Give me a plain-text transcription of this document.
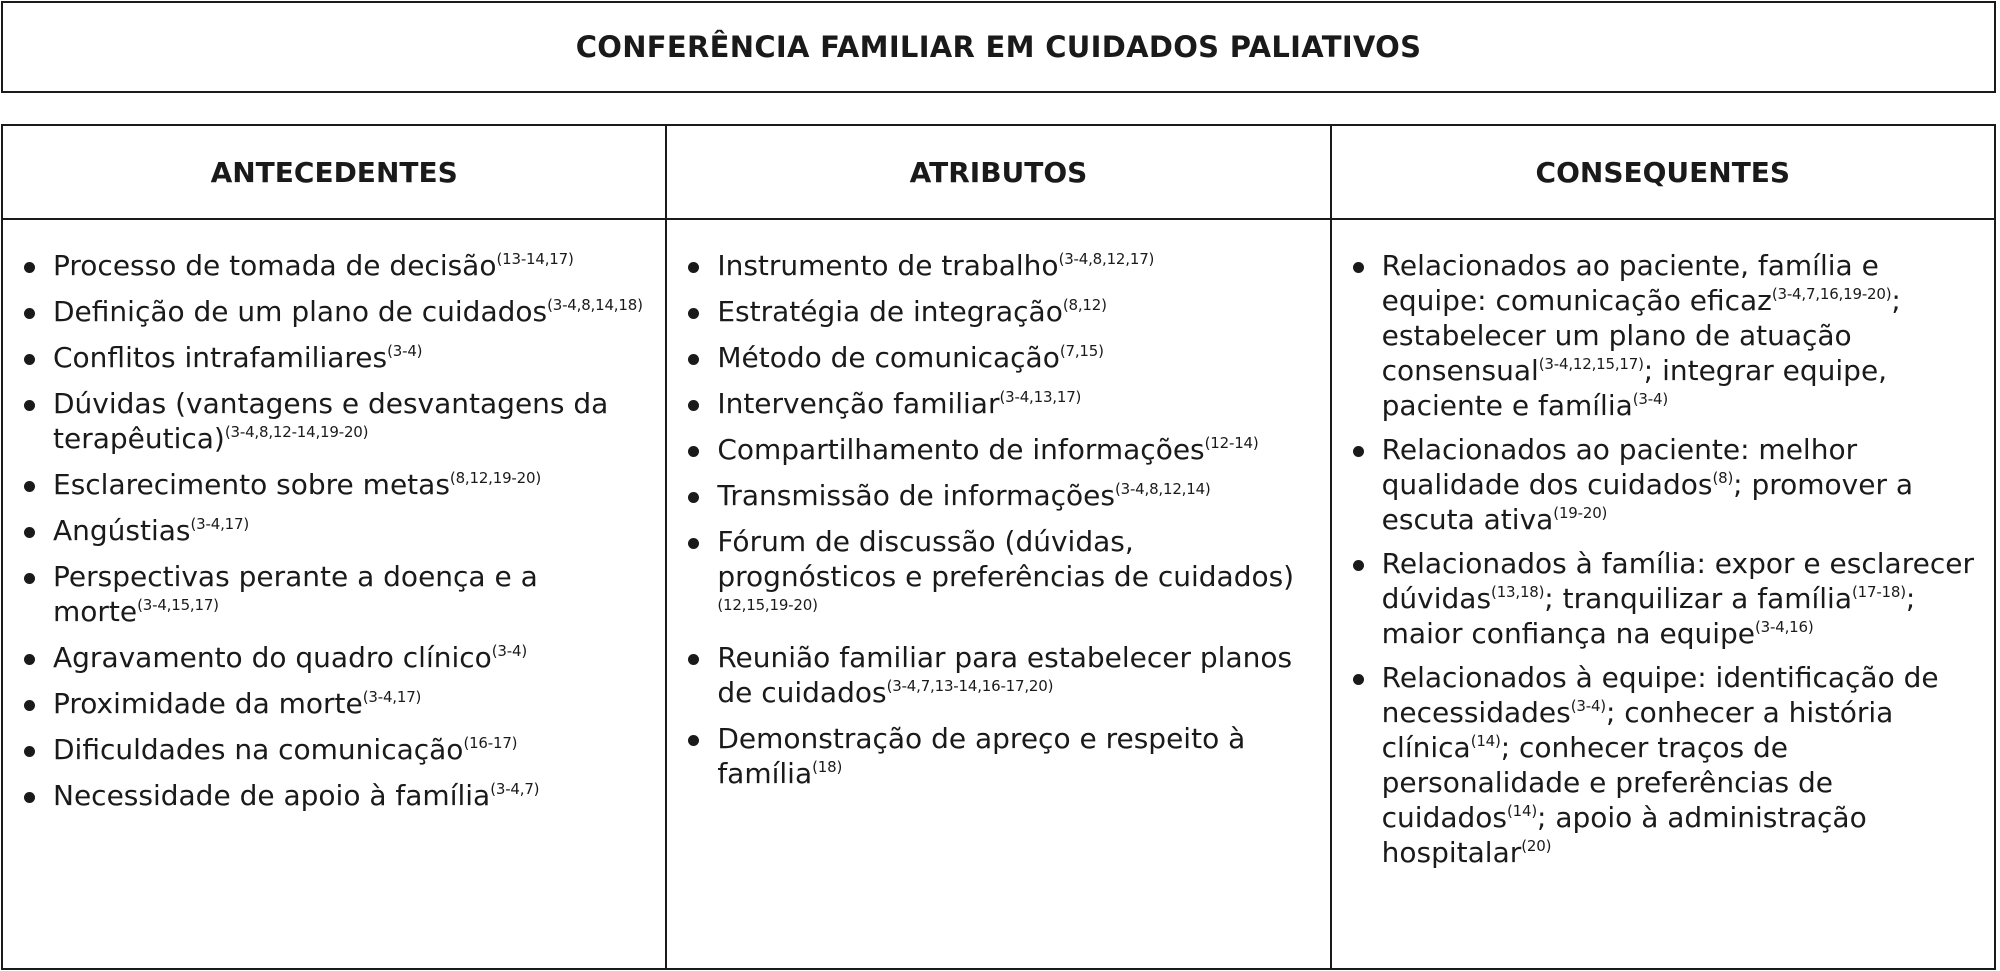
CONFERÊNCIA FAMILIAR EM CUIDADOS PALIATIVOS
ANTECEDENTES
Processo de tomada de decisão$^{(13-14,17)}$
Definição de um plano de cuidados$^{(3-4,8,14,18)}$
Conflitos intrafamiliares$^{(3-4)}$
Dúvidas (vantagens e desvantagens da terapêutica)$^{(3-4,8,12-14,19-20)}$
Esclarecimento sobre metas$^{(8,12,19-20)}$
Angústias$^{(3-4,17)}$
Perspectivas perante a doença e a morte$^{(3-4,15,17)}$
Agravamento do quadro clínico$^{(3-4)}$
Proximidade da morte$^{(3-4,17)}$
Dificuldades na comunicação$^{(16-17)}$
Necessidade de apoio à família$^{(3-4,7)}$
ATRIBUTOS
Instrumento de trabalho$^{(3-4,8,12,17)}$
Estratégia de integração$^{(8,12)}$
Método de comunicação$^{(7,15)}$
Intervenção familiar$^{(3-4,13,17)}$
Compartilhamento de informações$^{(12-14)}$
Transmissão de informações$^{(3-4,8,12,14)}$
Fórum de discussão (dúvidas, prognósticos e preferências de cuidados)$^{(12,15,19-20)}$
Reunião familiar para estabelecer planos de cuidados$^{(3-4,7,13-14,16-17,20)}$
Demonstração de apreço e respeito à família$^{(18)}$
CONSEQUENTES
Relacionados ao paciente, família e equipe: comunicação eficaz$^{(3-4,7,16,19-20)}$; estabelecer um plano de atuação consensual$^{(3-4,12,15,17)}$; integrar equipe, paciente e família$^{(3-4)}$
Relacionados ao paciente: melhor qualidade dos cuidados$^{(8)}$; promover a escuta ativa$^{(19-20)}$
Relacionados à família: expor e esclarecer dúvidas$^{(13,18)}$; tranquilizar a família$^{(17-18)}$; maior confiança na equipe$^{(3-4,16)}$
Relacionados à equipe: identificação de necessidades$^{(3-4)}$; conhecer a história clínica$^{(14)}$; conhecer traços de personalidade e preferências de cuidados$^{(14)}$; apoio à administração hospitalar$^{(20)}$
